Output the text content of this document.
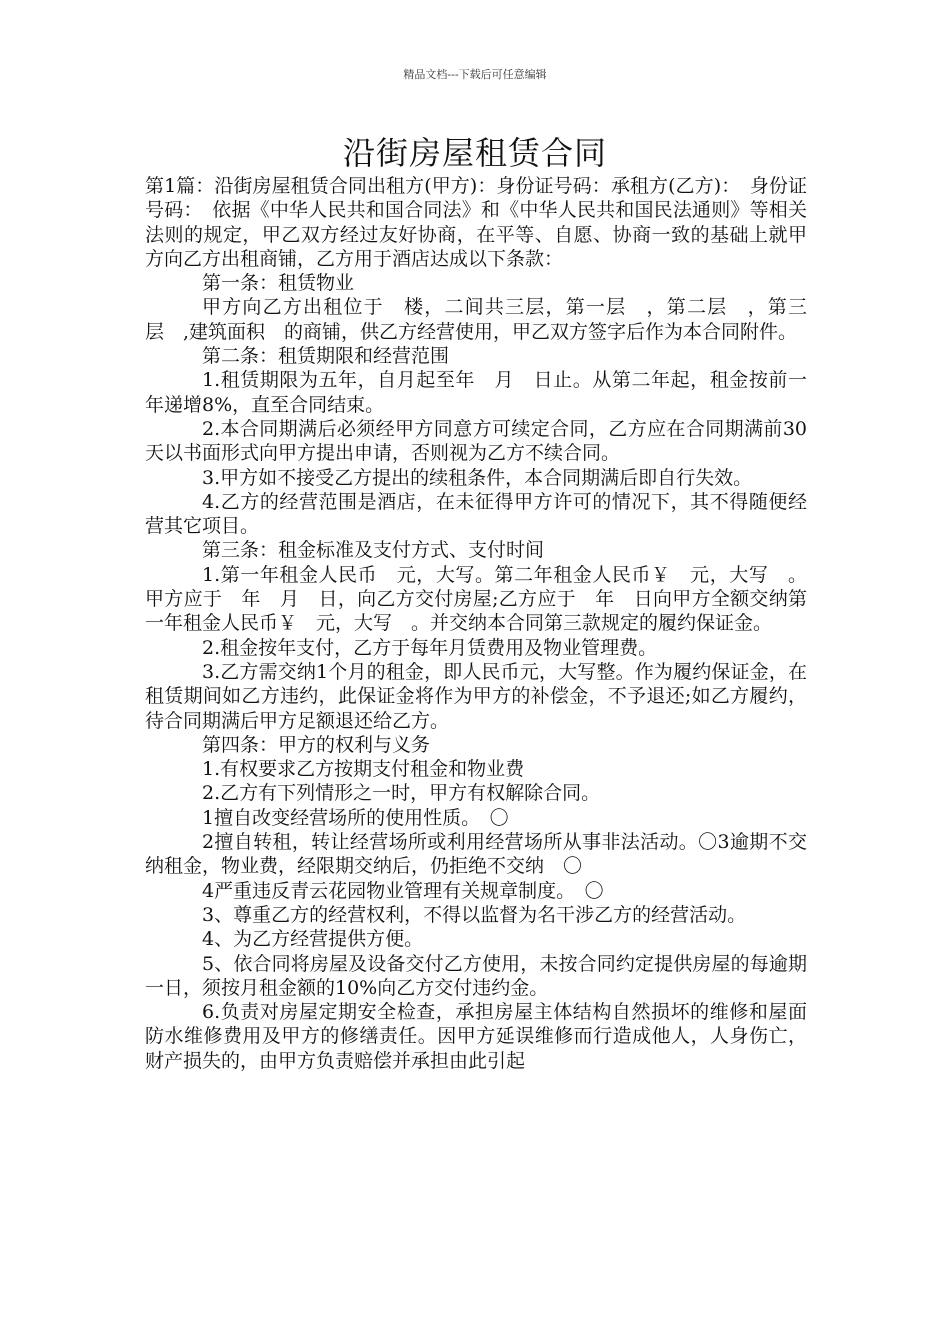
精品文档---下载后可任意编辑
沿街房屋租赁合同

第1篇：沿街房屋租赁合同出租方(甲方)：身份证号码：承租方(乙方)：　身份证号码：　依据《中华人民共和国合同法》和《中华人民共和国民法通则》等相关法则的规定，甲乙双方经过友好协商，在平等、自愿、协商一致的基础上就甲方向乙方出租商铺，乙方用于酒店达成以下条款：

第一条：租赁物业

甲方向乙方出租位于　楼，二间共三层，第一层　，第二层　，第三层　,建筑面积　的商铺，供乙方经营使用，甲乙双方签字后作为本合同附件。

第二条：租赁期限和经营范围

1.租赁期限为五年，自月起至年　月　日止。从第二年起，租金按前一年递增8%，直至合同结束。

2.本合同期满后必须经甲方同意方可续定合同，乙方应在合同期满前30天以书面形式向甲方提出申请，否则视为乙方不续合同。

3.甲方如不接受乙方提出的续租条件，本合同期满后即自行失效。

4.乙方的经营范围是酒店，在未征得甲方许可的情况下，其不得随便经营其它项目。

第三条：租金标准及支付方式、支付时间

1.第一年租金人民币　元，大写。第二年租金人民币￥　元，大写　。甲方应于　年　月　日，向乙方交付房屋;乙方应于　年　日向甲方全额交纳第一年租金人民币￥　元，大写　。并交纳本合同第三款规定的履约保证金。

2.租金按年支付，乙方于每年月赁费用及物业管理费。

3.乙方需交纳1个月的租金，即人民币元，大写整。作为履约保证金，在租赁期间如乙方违约，此保证金将作为甲方的补偿金，不予退还;如乙方履约，待合同期满后甲方足额退还给乙方。

第四条：甲方的权利与义务

1.有权要求乙方按期支付租金和物业费

2.乙方有下列情形之一时，甲方有权解除合同。

1擅自改变经营场所的使用性质。　〇

2擅自转租，转让经营场所或利用经营场所从事非法活动。〇3逾期不交纳租金，物业费，经限期交纳后，仍拒绝不交纳　〇

4严重违反青云花园物业管理有关规章制度。　〇

3、尊重乙方的经营权利，不得以监督为名干涉乙方的经营活动。

4、为乙方经营提供方便。

5、依合同将房屋及设备交付乙方使用，未按合同约定提供房屋的每逾期一日，须按月租金额的10%向乙方交付违约金。

6.负责对房屋定期安全检查，承担房屋主体结构自然损坏的维修和屋面防水维修费用及甲方的修缮责任。因甲方延误维修而行造成他人，人身伤亡，财产损失的，由甲方负责赔偿并承担由此引起
